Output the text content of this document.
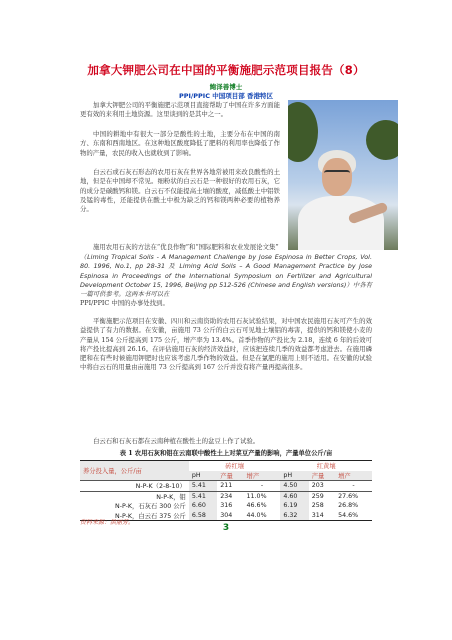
加拿大钾肥公司在中国的平衡施肥示范项目报告（8）
鲍泽善博士
PPI/PPIC 中国项目部 香港特区
加拿大钾肥公司的平衡施肥示范项目直接帮助了中国在许多方面能更有效的来利用土地资源。这里谈到的是其中之一。
中国的耕地中有很大一部分是酸性的土地，主要分布在中国的南方、东南和西南地区。在这种地区酸度降低了肥料的利用率也降低了作物的产量，农民的收入也就收到了影响。
白云石或石灰石形态的农用石灰在世界各地常被用来改良酸性的土地，但是在中国却不常见。细粉状的白云石是一种很好的农用石灰，它的成分是碳酸钙和镁。白云石不仅能提高土壤的酸度，减低酸土中铝铁及锰的毒性，还能提供在酸土中极为缺乏的钙和镁两种必要的植物养分。
施用农用石灰的方法在“优良作物”和“国际肥料和农业发展论文集”
（Liming Tropical Soils - A Management Challenge by Jose Espinosa in Better Crops, Vol. 80. 1996, No.1, pp 28-31 及 Liming Acid Soils – A Good Management Practice by Jose Espinosa in Proceedings of the International Symposium on Fertilizer and Agricultural Development October 15, 1996, Beijing pp 512-526 (Chinese and English versions)）中各有一篇可供参考。这两本书可以在
PPI/PPIC 中国的办事处找到。
平衡施肥示范项目在安徽、四川和云南资助的农用石灰试验结果，对中国农民施用石灰可产生的效益提供了有力的数据。在安徽，亩施用 73 公斤的白云石可见地土壤铝的毒害，提供的钙和镁使小麦的产量从 154 公斤提高到 175 公斤，增产率为 13.4%。首季作物的产投比为 2.18，连续 6 年的后效可将产投比提高到 26.16。在评估施用石灰的经济效益时，应该把连续几季的效益都考虑进去。在施用磷肥和在有些时候施用钾肥时也应该考虑几季作物的效益。但是在氯肥的施用上则不适用。在安徽的试验中将白云石的用量由亩施用 73 公斤提高到 167 公斤并没有将产量再提高很多。
白云石和石灰石都在云南种植在酸性土的盆豆上作了试验。
表 1 农用石灰和钼在云南联中酸性土上对菜豆产量的影响，产量单位公斤/亩
养分投入量，公斤/亩	砖红壤			红黄壤		
	pH	产量	增产	pH	产量	增产
N-P-K（2-8-10）	5.41	211	-	4.50	203	-
N-P-K，钼	5.41	234	11.0%	4.60	259	27.6%
N-P-K，石灰石 300 公斤	6.60	316	46.6%	6.19	258	26.8%
N-P-K，白云石 375 公斤	6.58	304	44.0%	6.32	314	54.6%
资料来源：洪丽芳。
3
